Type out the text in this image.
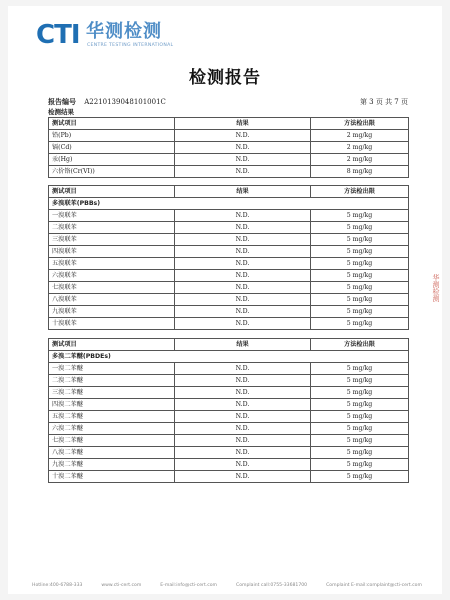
CTI 华测检测
CENTRE TESTING INTERNATIONAL
检测报告
报告编号 A2210139048101001C	第 3 页 共 7 页
检测结果
测试项目	结果	方法检出限
铅(Pb)	N.D.	2 mg/kg
镉(Cd)	N.D.	2 mg/kg
汞(Hg)	N.D.	2 mg/kg
六价铬(Cr(VI))	N.D.	8 mg/kg
测试项目	结果	方法检出限
多溴联苯(PBBs)		
一溴联苯	N.D.	5 mg/kg
二溴联苯	N.D.	5 mg/kg
三溴联苯	N.D.	5 mg/kg
四溴联苯	N.D.	5 mg/kg
五溴联苯	N.D.	5 mg/kg
六溴联苯	N.D.	5 mg/kg
七溴联苯	N.D.	5 mg/kg
八溴联苯	N.D.	5 mg/kg
九溴联苯	N.D.	5 mg/kg
十溴联苯	N.D.	5 mg/kg
测试项目	结果	方法检出限
多溴二苯醚(PBDEs)		
一溴二苯醚	N.D.	5 mg/kg
二溴二苯醚	N.D.	5 mg/kg
三溴二苯醚	N.D.	5 mg/kg
四溴二苯醚	N.D.	5 mg/kg
五溴二苯醚	N.D.	5 mg/kg
六溴二苯醚	N.D.	5 mg/kg
七溴二苯醚	N.D.	5 mg/kg
八溴二苯醚	N.D.	5 mg/kg
九溴二苯醚	N.D.	5 mg/kg
十溴二苯醚	N.D.	5 mg/kg
华测检测
Hotline:400-6788-333	www.cti-cert.com	E-mail:info@cti-cert.com	Complaint call:0755-33681700	Complaint E-mail:complaint@cti-cert.com
